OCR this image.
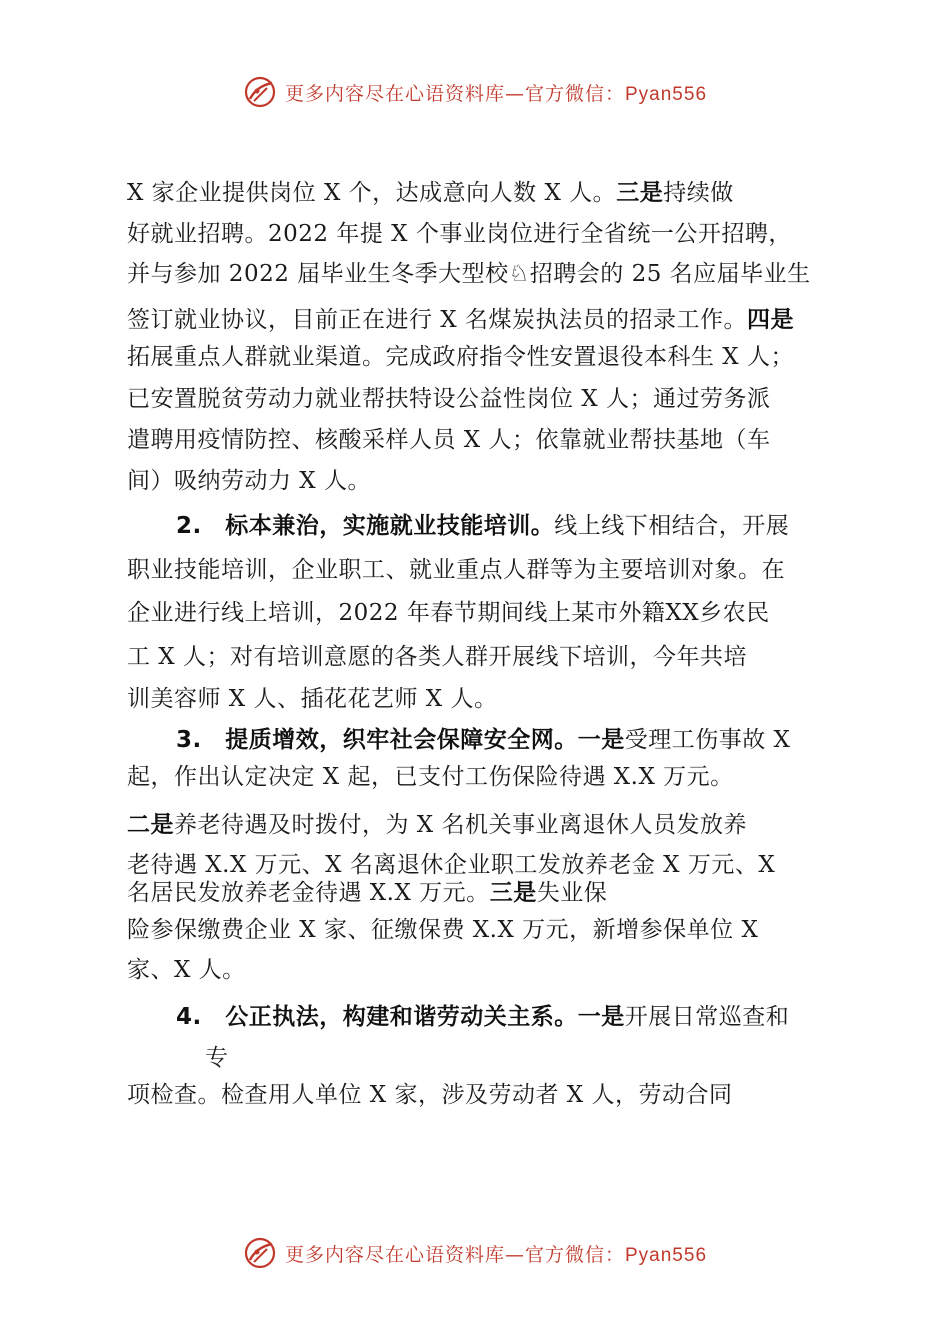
更多内容尽在心语资料库—官方微信：Pyan556
X 家企业提供岗位 X 个，达成意向人数 X 人。三是持续做
好就业招聘。2022 年提 X 个事业岗位进行全省统一公开招聘，
并与参加 2022 届毕业生冬季大型校♘招聘会的 25 名应届毕业生
签订就业协议，目前正在进行 X 名煤炭执法员的招录工作。四是
拓展重点人群就业渠道。完成政府指令性安置退役本科生 X 人；
已安置脱贫劳动力就业帮扶特设公益性岗位 X 人；通过劳务派
遣聘用疫情防控、核酸采样人员 X 人；依靠就业帮扶基地（车
间）吸纳劳动力 X 人。
2.　标本兼治，实施就业技能培训。线上线下相结合，开展
职业技能培训，企业职工、就业重点人群等为主要培训对象。在
企业进行线上培训，2022 年春节期间线上某市外籍XX乡农民
工 X 人；对有培训意愿的各类人群开展线下培训，今年共培
训美容师 X 人、插花花艺师 X 人。
3.　提质增效，织牢社会保障安全网。一是受理工伤事故 X
起，作出认定决定 X 起，已支付工伤保险待遇 X.X 万元。
二是养老待遇及时拨付，为 X 名机关事业离退休人员发放养
老待遇 X.X 万元、X 名离退休企业职工发放养老金 X 万元、X
名居民发放养老金待遇 X.X 万元。三是失业保
险参保缴费企业 X 家、征缴保费 X.X 万元，新增参保单位 X
家、X 人。
4.　公正执法，构建和谐劳动关主系。一是开展日常巡查和
专
项检查。检查用人单位 X 家，涉及劳动者 X 人，劳动合同
更多内容尽在心语资料库—官方微信：Pyan556
